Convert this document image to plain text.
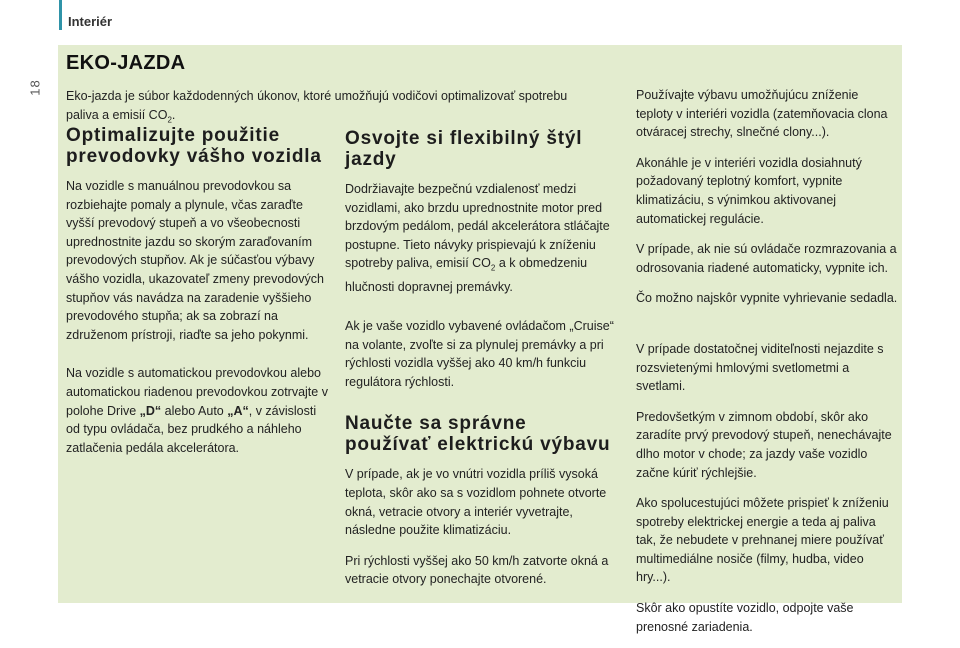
Interiér
18
EKO-JAZDA
Eko-jazda je súbor každodenných úkonov, ktoré umožňujú vodičovi optimalizovať spotrebu paliva a emisií $CO_2$.
Optimalizujte použitie prevodovky vášho vozidla

Na vozidle s manuálnou prevodovkou sa rozbiehajte pomaly a plynule, včas zaraďte vyšší prevodový stupeň a vo všeobecnosti uprednostnite jazdu so skorým zaraďovaním prevodových stupňov. Ak je súčasťou výbavy vášho vozidla, ukazovateľ zmeny prevodových stupňov vás navádza na zaradenie vyššieho prevodového stupňa; ak sa zobrazí na združenom prístroji, riaďte sa jeho pokynmi.

Na vozidle s automatickou prevodovkou alebo automatickou riadenou prevodovkou zotrvajte v polohe Drive „D“ alebo Auto „A“, v závislosti od typu ovládača, bez prudkého a náhleho zatlačenia pedála akcelerátora.

Osvojte si flexibilný štýl jazdy

Dodržiavajte bezpečnú vzdialenosť medzi vozidlami, ako brzdu uprednostnite motor pred brzdovým pedálom, pedál akcelerátora stláčajte postupne. Tieto návyky prispievajú k zníženiu spotreby paliva, emisií $CO_2$ a k obmedzeniu hlučnosti dopravnej premávky.

Ak je vaše vozidlo vybavené ovládačom „Cruise“ na volante, zvoľte si za plynulej premávky a pri rýchlosti vozidla vyššej ako 40 km/h funkciu regulátora rýchlosti.

Naučte sa správne používať elektrickú výbavu

V prípade, ak je vo vnútri vozidla príliš vysoká teplota, skôr ako sa s vozidlom pohnete otvorte okná, vetracie otvory a interiér vyvetrajte, následne použite klimatizáciu.

Pri rýchlosti vyššej ako 50 km/h zatvorte okná a vetracie otvory ponechajte otvorené.

Používajte výbavu umožňujúcu zníženie teploty v interiéri vozidla (zatemňovacia clona otváracej strechy, slnečné clony...).

Akonáhle je v interiéri vozidla dosiahnutý požadovaný teplotný komfort, vypnite klimatizáciu, s výnimkou aktivovanej automatickej regulácie.

V prípade, ak nie sú ovládače rozmrazovania a odrosovania riadené automaticky, vypnite ich.

Čo možno najskôr vypnite vyhrievanie sedadla.

V prípade dostatočnej viditeľnosti nejazdite s rozsvietenými hmlovými svetlometmi a svetlami.

Predovšetkým v zimnom období, skôr ako zaradíte prvý prevodový stupeň, nenechávajte dlho motor v chode; za jazdy vaše vozidlo začne kúriť rýchlejšie.

Ako spolucestujúci môžete prispieť k zníženiu spotreby elektrickej energie a teda aj paliva tak, že nebudete v prehnanej miere používať multimediálne nosiče (filmy, hudba, video hry...).

Skôr ako opustíte vozidlo, odpojte vaše prenosné zariadenia.
